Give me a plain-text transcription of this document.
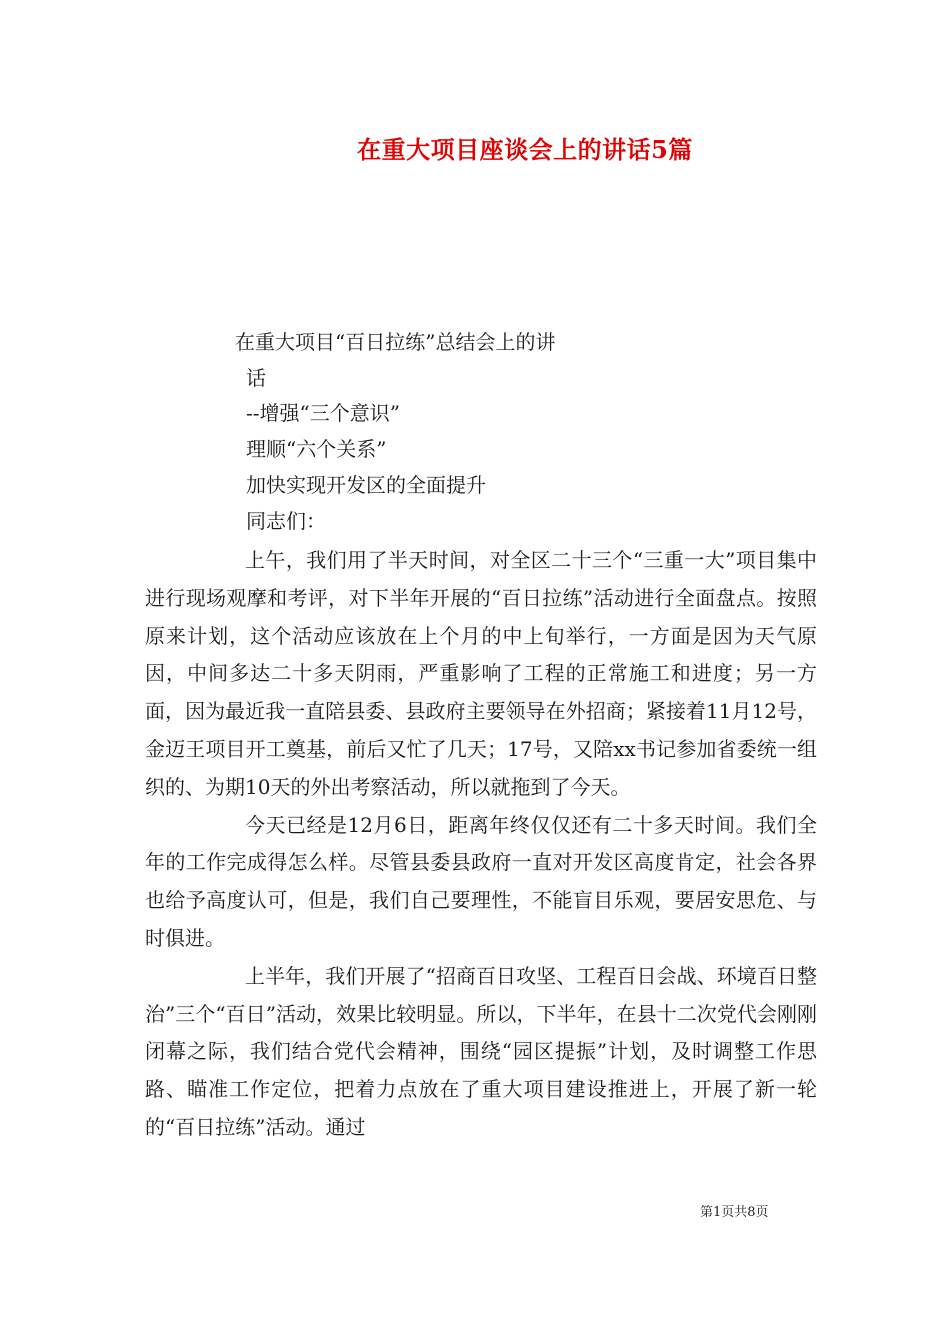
在重大项目座谈会上的讲话5篇
在重大项目“百日拉练”总结会上的讲
话
--增强“三个意识”
理顺“六个关系”
加快实现开发区的全面提升
同志们：

上午，我们用了半天时间，对全区二十三个“三重一大”项目集中进行现场观摩和考评，对下半年开展的“百日拉练”活动进行全面盘点。按照原来计划，这个活动应该放在上个月的中上旬举行，一方面是因为天气原因，中间多达二十多天阴雨，严重影响了工程的正常施工和进度；另一方面，因为最近我一直陪县委、县政府主要领导在外招商；紧接着11月12号，金迈王项目开工奠基，前后又忙了几天；17号，又陪xx书记参加省委统一组织的、为期10天的外出考察活动，所以就拖到了今天。

今天已经是12月6日，距离年终仅仅还有二十多天时间。我们全年的工作完成得怎么样。尽管县委县政府一直对开发区高度肯定，社会各界也给予高度认可，但是，我们自己要理性，不能盲目乐观，要居安思危、与时俱进。

上半年，我们开展了“招商百日攻坚、工程百日会战、环境百日整治”三个“百日”活动，效果比较明显。所以，下半年，在县十二次党代会刚刚闭幕之际，我们结合党代会精神，围绕“园区提振”计划，及时调整工作思路、瞄准工作定位，把着力点放在了重大项目建设推进上，开展了新一轮的“百日拉练”活动。通过

第1页共8页
